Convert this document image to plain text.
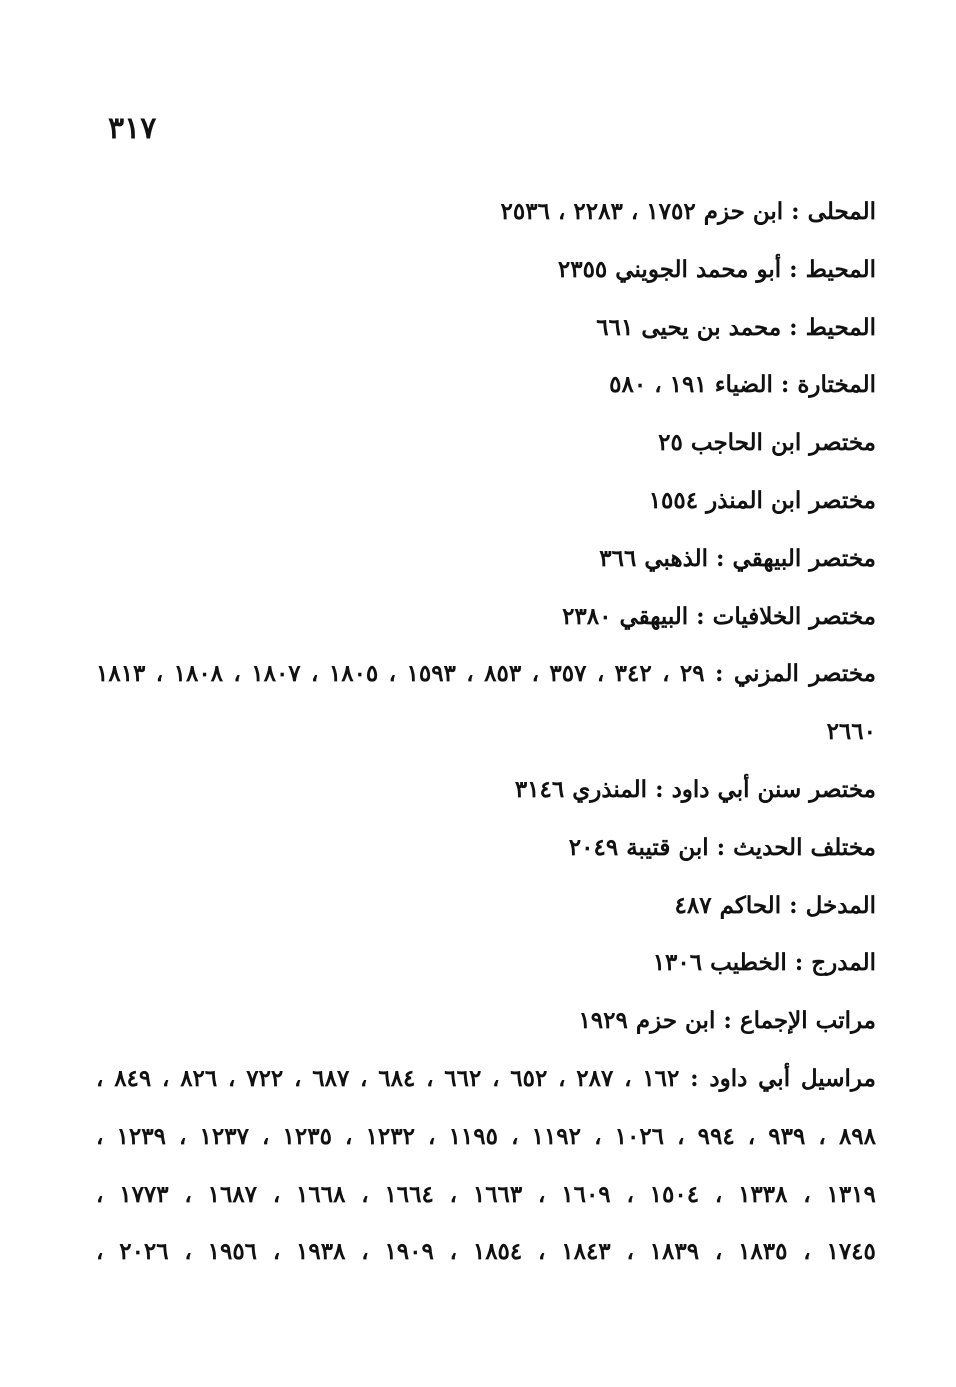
٣١٧
المحلى : ابن حزم ١٧٥٢ ، ٢٢٨٣ ، ٢٥٣٦
المحيط : أبو محمد الجويني ٢٣٥٥
المحيط : محمد بن يحيى ٦٦١
المختارة : الضياء ١٩١ ، ٥٨٠
مختصر ابن الحاجب ٢٥
مختصر ابن المنذر ١٥٥٤
مختصر البيهقي : الذهبي ٣٦٦
مختصر الخلافيات : البيهقي ٢٣٨٠
مختصر المزني : ٢٩ ، ٣٤٢ ، ٣٥٧ ، ٨٥٣ ، ١٥٩٣ ، ١٨٠٥ ، ١٨٠٧ ، ١٨٠٨ ، ١٨١٣
٢٦٦٠
مختصر سنن أبي داود : المنذري ٣١٤٦
مختلف الحديث : ابن قتيبة ٢٠٤٩
المدخل : الحاكم ٤٨٧
المدرج : الخطيب ١٣٠٦
مراتب الإجماع : ابن حزم ١٩٢٩
مراسيل أبي داود : ١٦٢ ، ٢٨٧ ، ٦٥٢ ، ٦٦٢ ، ٦٨٤ ، ٦٨٧ ، ٧٢٢ ، ٨٢٦ ، ٨٤٩ ،
٨٩٨ ، ٩٣٩ ، ٩٩٤ ، ١٠٢٦ ، ١١٩٢ ، ١١٩٥ ، ١٢٣٢ ، ١٢٣٥ ، ١٢٣٧ ، ١٢٣٩ ،
١٣١٩ ، ١٣٣٨ ، ١٥٠٤ ، ١٦٠٩ ، ١٦٦٣ ، ١٦٦٤ ، ١٦٦٨ ، ١٦٨٧ ، ١٧٧٣ ،
١٧٤٥ ، ١٨٣٥ ، ١٨٣٩ ، ١٨٤٣ ، ١٨٥٤ ، ١٩٠٩ ، ١٩٣٨ ، ١٩٥٦ ، ٢٠٢٦ ،
